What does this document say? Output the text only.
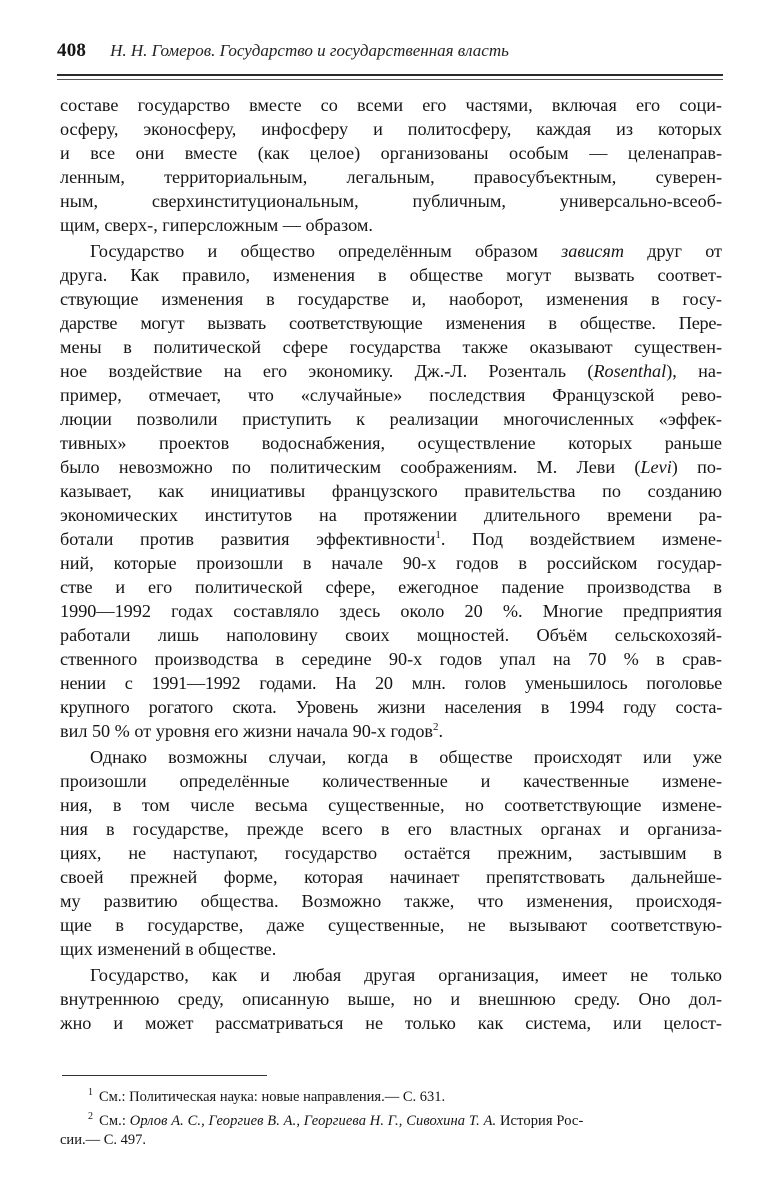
408 Н. Н. Гомеров. Государство и государственная власть

составе государство вместе со всеми его частями, включая его соци-
осферу, эконосферу, инфосферу и политосферу, каждая из которых
и все они вместе (как целое) организованы особым — целенаправ-
ленным, территориальным, легальным, правосубъектным, суверен-
ным, сверхинституциональным, публичным, универсально-всеоб-
щим, сверх-, гиперсложным — образом.

Государство и общество определённым образом зависят друг от
друга. Как правило, изменения в обществе могут вызвать соответ-
ствующие изменения в государстве и, наоборот, изменения в госу-
дарстве могут вызвать соответствующие изменения в обществе. Пере-
мены в политической сфере государства также оказывают существен-
ное воздействие на его экономику. Дж.-Л. Розенталь (Rosenthal), на-
пример, отмечает, что «случайные» последствия Французской рево-
люции позволили приступить к реализации многочисленных «эффек-
тивных» проектов водоснабжения, осуществление которых раньше
было невозможно по политическим соображениям. М. Леви (Levi) по-
казывает, как инициативы французского правительства по созданию
экономических институтов на протяжении длительного времени ра-
ботали против развития эффективности$^1$. Под воздействием измене-
ний, которые произошли в начале 90-х годов в российском государ-
стве и его политической сфере, ежегодное падение производства в
1990—1992 годах составляло здесь около 20 %. Многие предприятия
работали лишь наполовину своих мощностей. Объём сельскохозяй-
ственного производства в середине 90-х годов упал на 70 % в срав-
нении с 1991—1992 годами. На 20 млн. голов уменьшилось поголовье
крупного рогатого скота. Уровень жизни населения в 1994 году соста-
вил 50 % от уровня его жизни начала 90-х годов$^2$.

Однако возможны случаи, когда в обществе происходят или уже
произошли определённые количественные и качественные измене-
ния, в том числе весьма существенные, но соответствующие измене-
ния в государстве, прежде всего в его властных органах и организа-
циях, не наступают, государство остаётся прежним, застывшим в
своей прежней форме, которая начинает препятствовать дальнейше-
му развитию общества. Возможно также, что изменения, происходя-
щие в государстве, даже существенные, не вызывают соответствую-
щих изменений в обществе.

Государство, как и любая другая организация, имеет не только
внутреннюю среду, описанную выше, но и внешнюю среду. Оно дол-
жно и может рассматриваться не только как система, или целост-

$^1$ См.: Политическая наука: новые направления.— С. 631.
$^2$ См.: Орлов А. С., Георгиев В. А., Георгиева Н. Г., Сивохина Т. А. История Рос-
сии.— С. 497.
